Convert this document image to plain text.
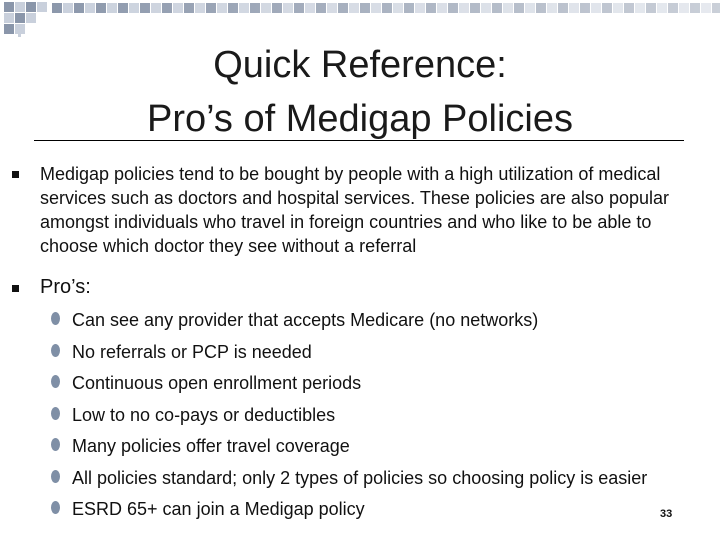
Quick Reference:
Pro’s of Medigap Policies
Medigap policies tend to be bought by people with a high utilization of medical services such as doctors and hospital services. These policies are also popular amongst individuals who travel in foreign countries and who like to be able to choose which doctor they see without a referral
Pro’s:
Can see any provider that accepts Medicare (no networks)
No referrals or PCP is needed
Continuous open enrollment periods
Low to no co-pays or deductibles
Many policies offer travel coverage
All policies standard; only 2 types of policies so choosing policy is easier
ESRD 65+ can join a Medigap policy	33
